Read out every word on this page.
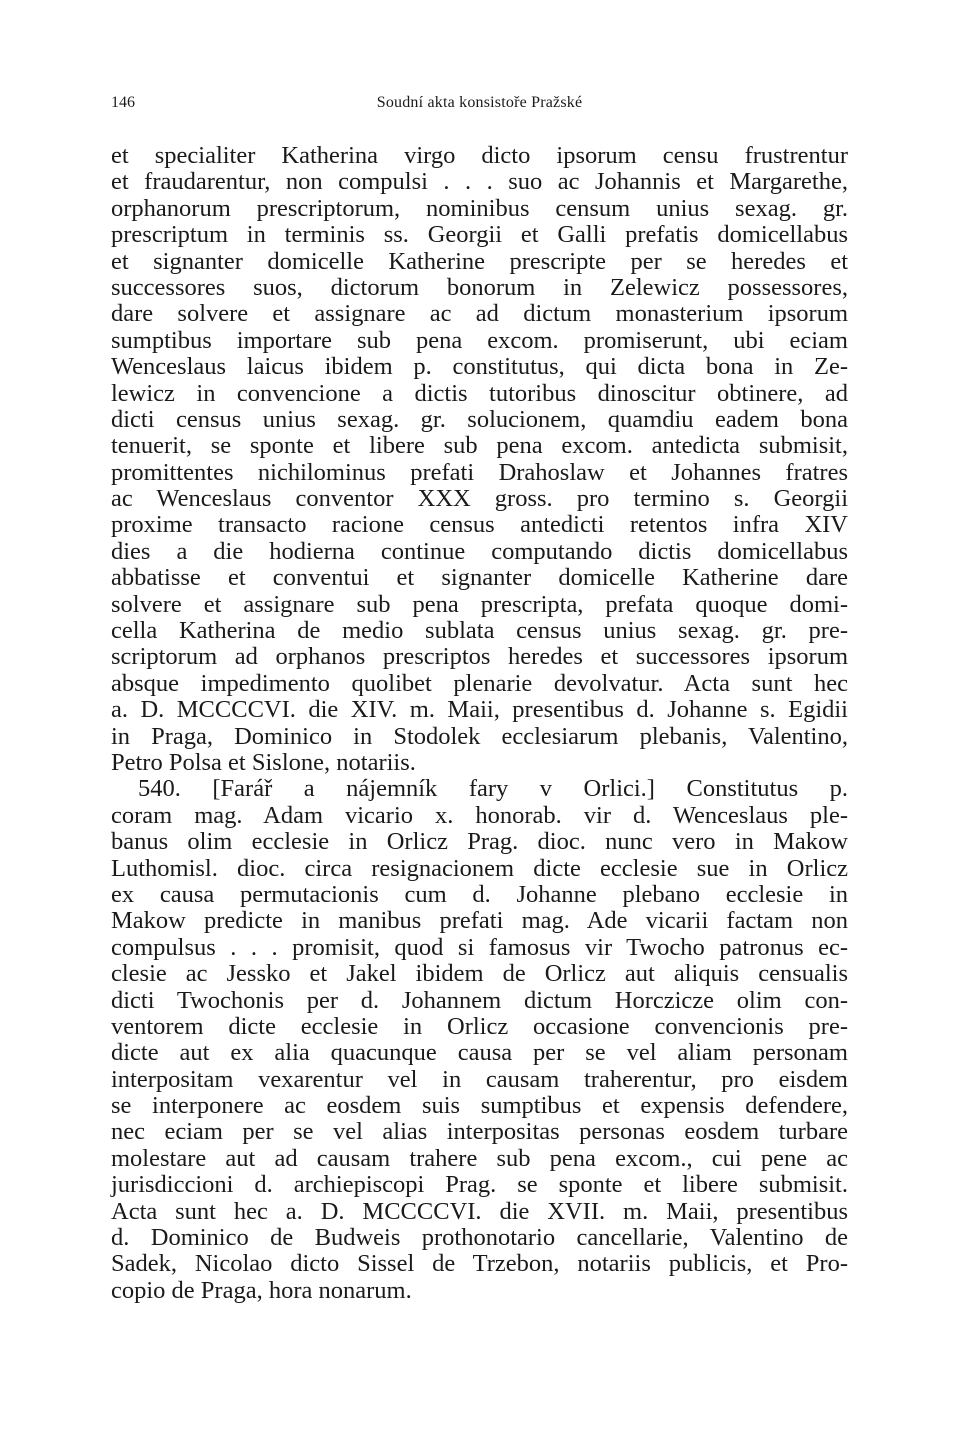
146	Soudní akta konsistoře Pražské
et specialiter Katherina virgo dicto ipsorum censu frustrentur
et fraudarentur, non compulsi . . . suo ac Johannis et Margarethe,
orphanorum prescriptorum, nominibus censum unius sexag. gr.
prescriptum in terminis ss. Georgii et Galli prefatis domicellabus
et signanter domicelle Katherine prescripte per se heredes et
successores suos, dictorum bonorum in Zelewicz possessores,
dare solvere et assignare ac ad dictum monasterium ipsorum
sumptibus importare sub pena excom. promiserunt, ubi eciam
Wenceslaus laicus ibidem p. constitutus, qui dicta bona in Ze-
lewicz in convencione a dictis tutoribus dinoscitur obtinere, ad
dicti census unius sexag. gr. solucionem, quamdiu eadem bona
tenuerit, se sponte et libere sub pena excom. antedicta submisit,
promittentes nichilominus prefati Drahoslaw et Johannes fratres
ac Wenceslaus conventor XXX gross. pro termino s. Georgii
proxime transacto racione census antedicti retentos infra XIV
dies a die hodierna continue computando dictis domicellabus
abbatisse et conventui et signanter domicelle Katherine dare
solvere et assignare sub pena prescripta, prefata quoque domi-
cella Katherina de medio sublata census unius sexag. gr. pre-
scriptorum ad orphanos prescriptos heredes et successores ipsorum
absque impedimento quolibet plenarie devolvatur. Acta sunt hec
a. D. MCCCCVI. die XIV. m. Maii, presentibus d. Johanne s. Egidii
in Praga, Dominico in Stodolek ecclesiarum plebanis, Valentino,
Petro Polsa et Sislone, notariis.
540. [Farář a nájemník fary v Orlici.] Constitutus p.
coram mag. Adam vicario x. honorab. vir d. Wenceslaus ple-
banus olim ecclesie in Orlicz Prag. dioc. nunc vero in Makow
Luthomisl. dioc. circa resignacionem dicte ecclesie sue in Orlicz
ex causa permutacionis cum d. Johanne plebano ecclesie in
Makow predicte in manibus prefati mag. Ade vicarii factam non
compulsus . . . promisit, quod si famosus vir Twocho patronus ec-
clesie ac Jessko et Jakel ibidem de Orlicz aut aliquis censualis
dicti Twochonis per d. Johannem dictum Horczicze olim con-
ventorem dicte ecclesie in Orlicz occasione convencionis pre-
dicte aut ex alia quacunque causa per se vel aliam personam
interpositam vexarentur vel in causam traherentur, pro eisdem
se interponere ac eosdem suis sumptibus et expensis defendere,
nec eciam per se vel alias interpositas personas eosdem turbare
molestare aut ad causam trahere sub pena excom., cui pene ac
jurisdiccioni d. archiepiscopi Prag. se sponte et libere submisit.
Acta sunt hec a. D. MCCCCVI. die XVII. m. Maii, presentibus
d. Dominico de Budweis prothonotario cancellarie, Valentino de
Sadek, Nicolao dicto Sissel de Trzebon, notariis publicis, et Pro-
copio de Praga, hora nonarum.
